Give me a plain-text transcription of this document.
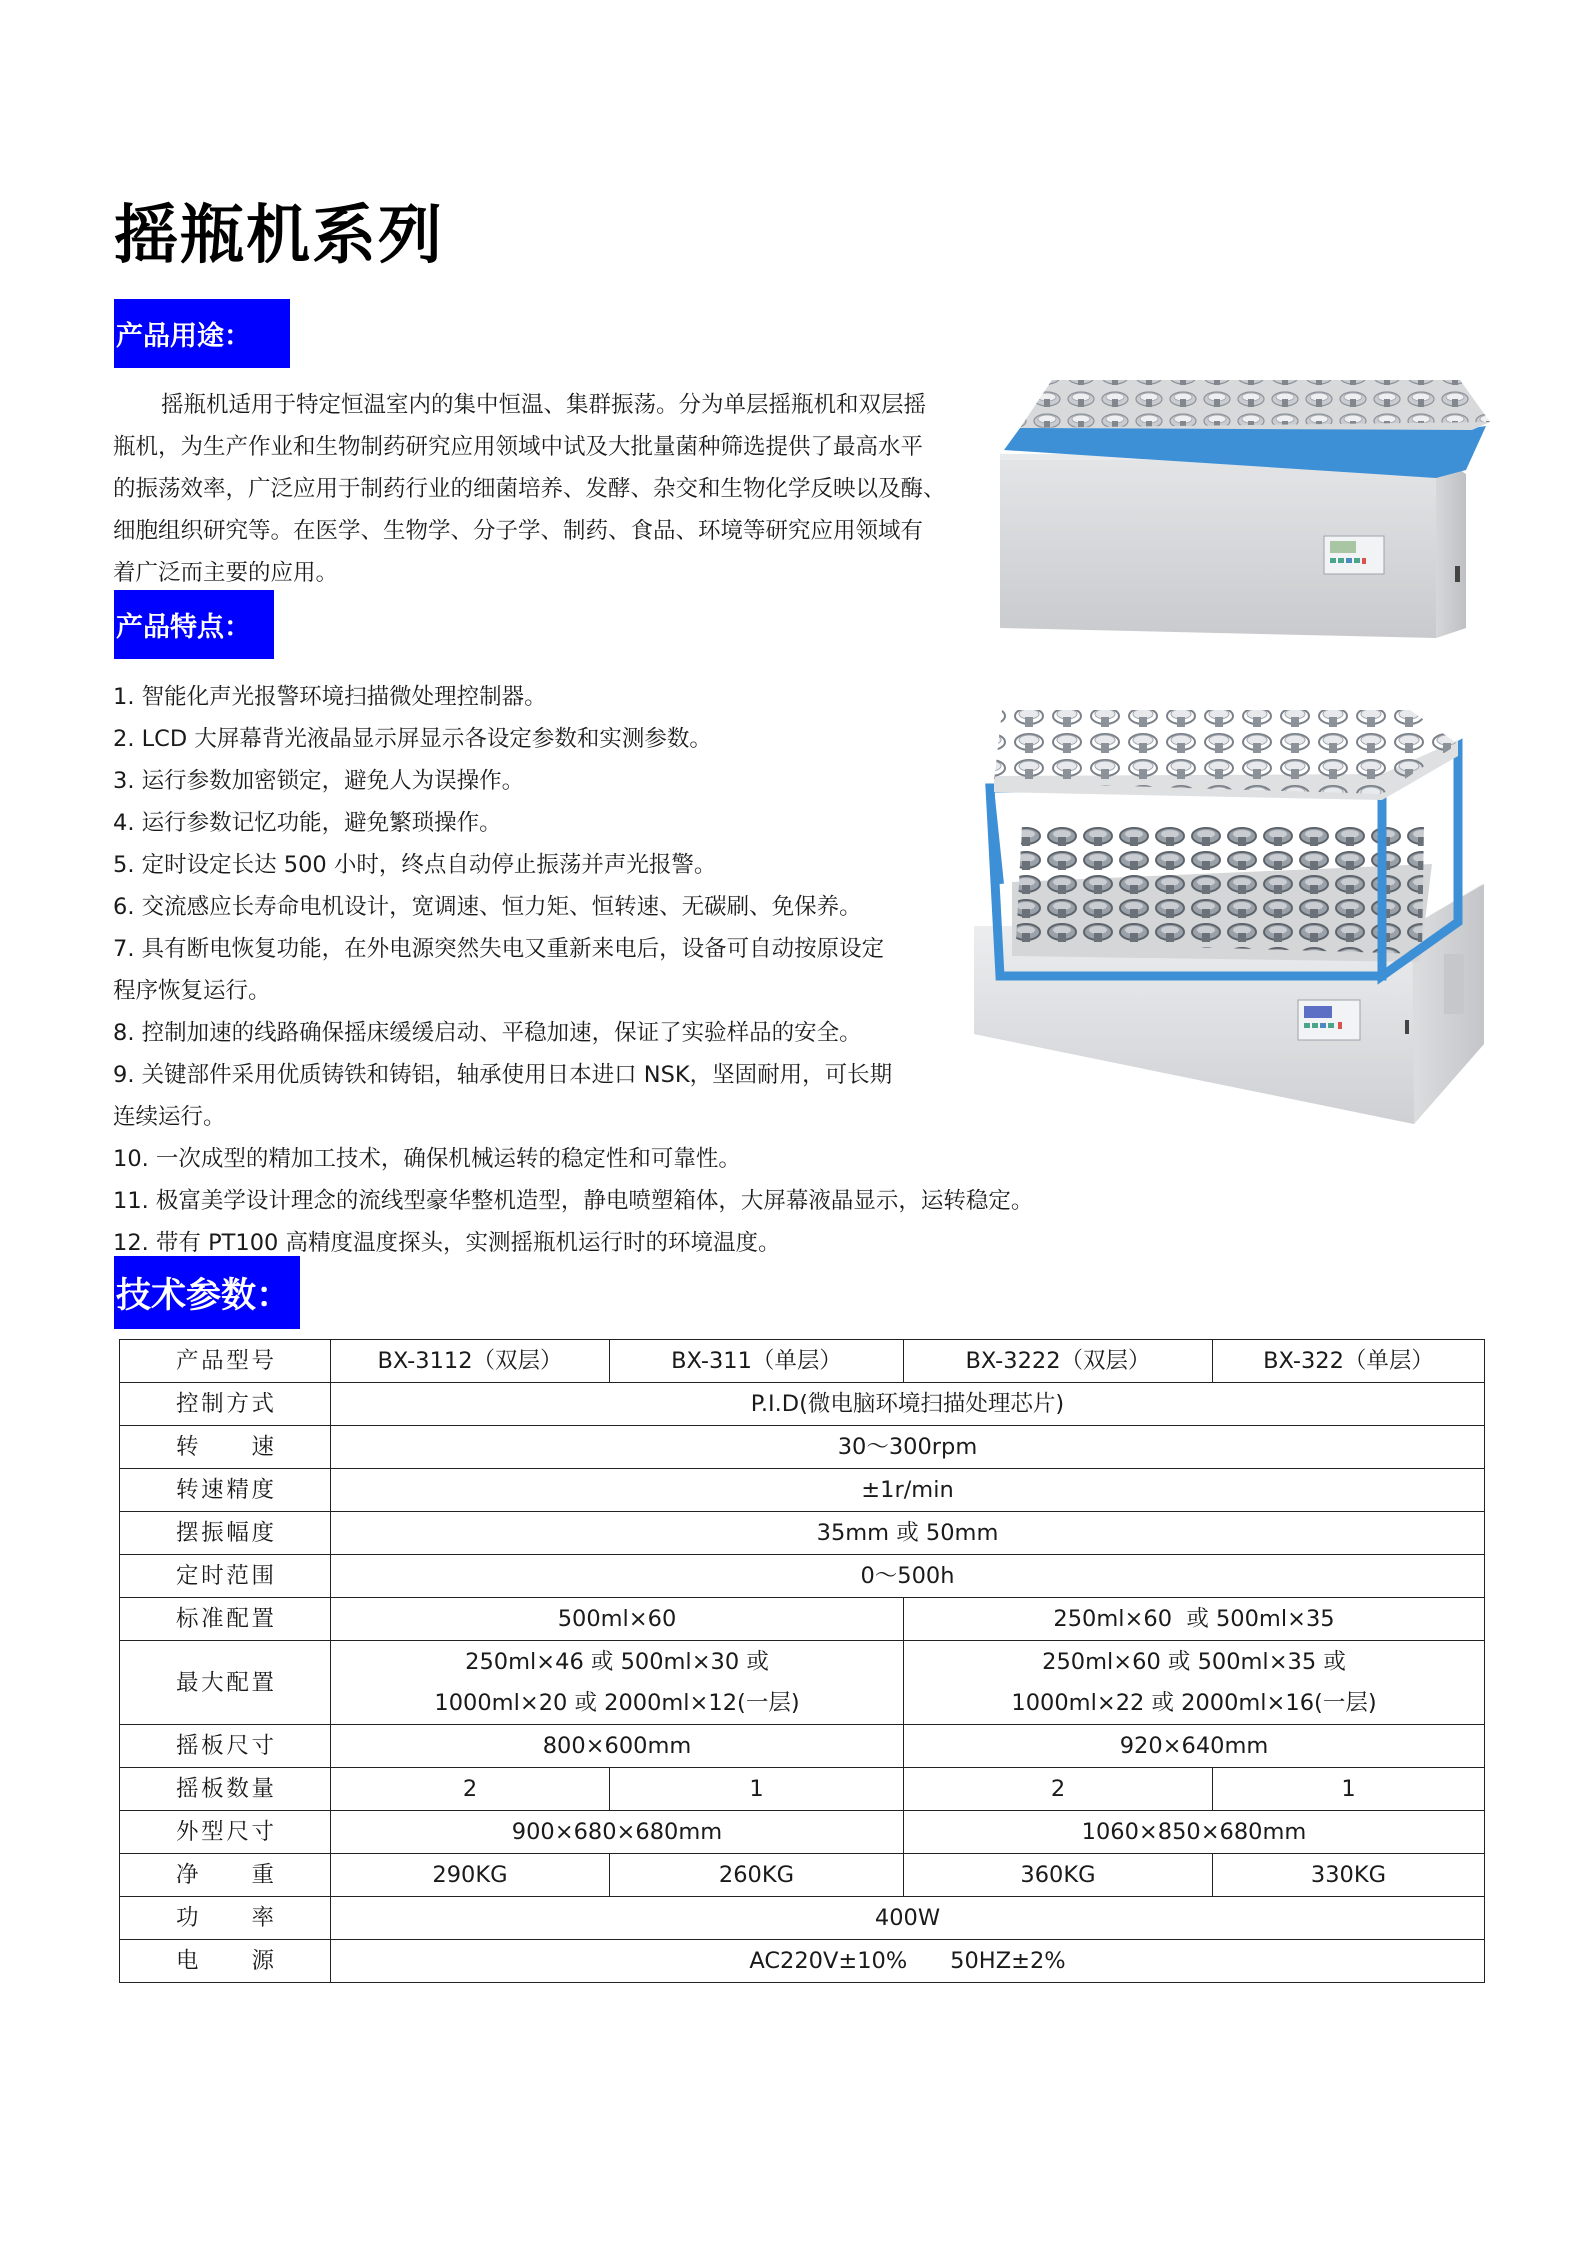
摇瓶机系列
产品用途：
摇瓶机适用于特定恒温室内的集中恒温、集群振荡。分为单层摇瓶机和双层摇
瓶机，为生产作业和生物制药研究应用领域中试及大批量菌种筛选提供了最高水平
的振荡效率，广泛应用于制药行业的细菌培养、发酵、杂交和生物化学反映以及酶、
细胞组织研究等。在医学、生物学、分子学、制药、食品、环境等研究应用领域有
着广泛而主要的应用。
产品特点：
1. 智能化声光报警环境扫描微处理控制器。
2. LCD 大屏幕背光液晶显示屏显示各设定参数和实测参数。
3. 运行参数加密锁定，避免人为误操作。
4. 运行参数记忆功能，避免繁琐操作。
5. 定时设定长达 500 小时，终点自动停止振荡并声光报警。
6. 交流感应长寿命电机设计，宽调速、恒力矩、恒转速、无碳刷、免保养。
7. 具有断电恢复功能，在外电源突然失电又重新来电后，设备可自动按原设定
程序恢复运行。
8. 控制加速的线路确保摇床缓缓启动、平稳加速，保证了实验样品的安全。
9. 关键部件采用优质铸铁和铸铝，轴承使用日本进口 NSK，坚固耐用，可长期
连续运行。
10. 一次成型的精加工技术，确保机械运转的稳定性和可靠性。
11. 极富美学设计理念的流线型豪华整机造型，静电喷塑箱体，大屏幕液晶显示，运转稳定。
12. 带有 PT100 高精度温度探头，实测摇瓶机运行时的环境温度。
技术参数：
产品型号	BX-3112（双层）	BX-311（单层）	BX-3222（双层）	BX-322（单层）
控制方式	P.I.D(微电脑环境扫描处理芯片)			

转 速	30～300rpm			
转速精度	±1r/min			
摆振幅度	35mm 或 50mm			
定时范围	0～500h			
标准配置	500ml×60		250ml×60  或 500ml×35	
最大配置	250ml×46 或 500ml×30 或
1000ml×20 或 2000ml×12(一层)		250ml×60 或 500ml×35 或
1000ml×22 或 2000ml×16(一层)	

摇板尺寸	800×600mm		920×640mm	
摇板数量	2	1	2	1
外型尺寸	900×680×680mm		1060×850×680mm	

净 重	290KG	260KG	360KG	330KG

功 率	400W			

电 源	AC220V±10%      50HZ±2%			
